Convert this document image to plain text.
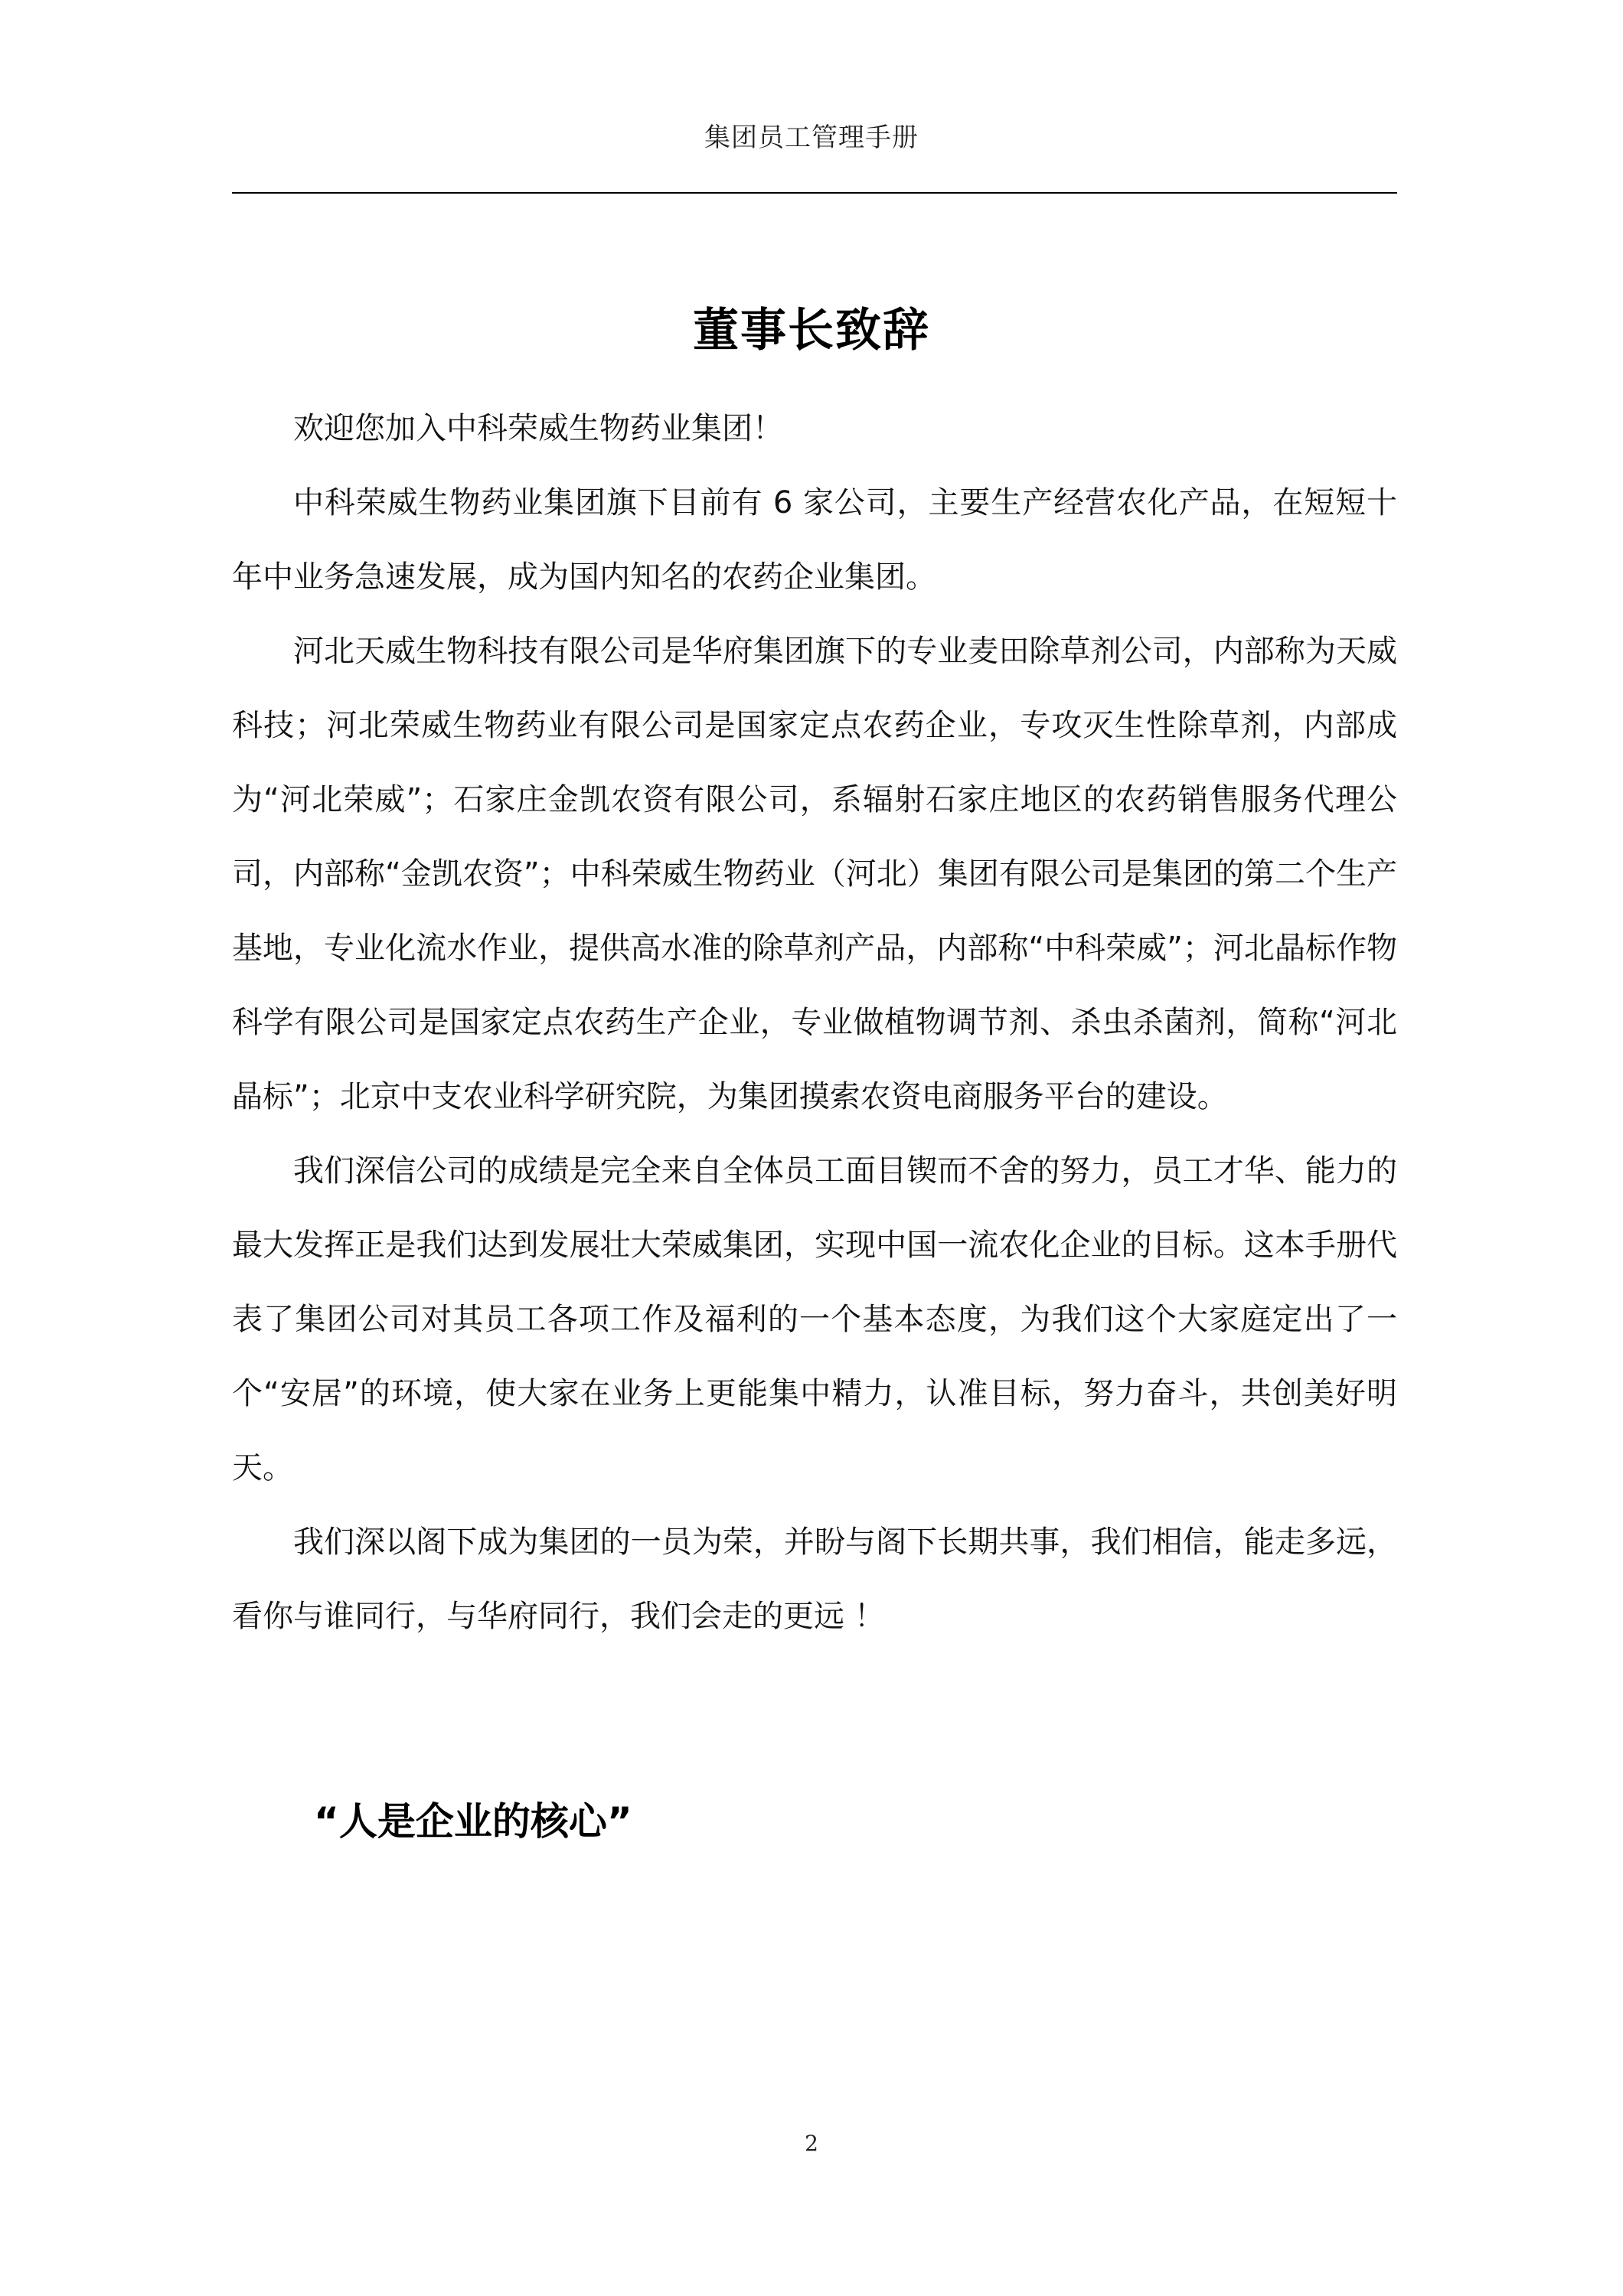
集团员工管理手册
董事长致辞

欢迎您加入中科荣威生物药业集团！

中科荣威生物药业集团旗下目前有 6 家公司，主要生产经营农化产品，在短短十年中业务急速发展，成为国内知名的农药企业集团。

河北天威生物科技有限公司是华府集团旗下的专业麦田除草剂公司，内部称为天威科技；河北荣威生物药业有限公司是国家定点农药企业，专攻灭生性除草剂，内部成为“河北荣威”；石家庄金凯农资有限公司，系辐射石家庄地区的农药销售服务代理公司，内部称“金凯农资”；中科荣威生物药业（河北）集团有限公司是集团的第二个生产基地，专业化流水作业，提供高水准的除草剂产品，内部称“中科荣威”；河北晶标作物科学有限公司是国家定点农药生产企业，专业做植物调节剂、杀虫杀菌剂，简称“河北晶标”；北京中支农业科学研究院，为集团摸索农资电商服务平台的建设。

我们深信公司的成绩是完全来自全体员工面目锲而不舍的努力，员工才华、能力的最大发挥正是我们达到发展壮大荣威集团，实现中国一流农化企业的目标。这本手册代表了集团公司对其员工各项工作及福利的一个基本态度，为我们这个大家庭定出了一个“安居”的环境，使大家在业务上更能集中精力，认准目标，努力奋斗，共创美好明天。

我们深以阁下成为集团的一员为荣，并盼与阁下长期共事，我们相信，能走多远，看你与谁同行，与华府同行，我们会走的更远 ！

“人是企业的核心”
2
